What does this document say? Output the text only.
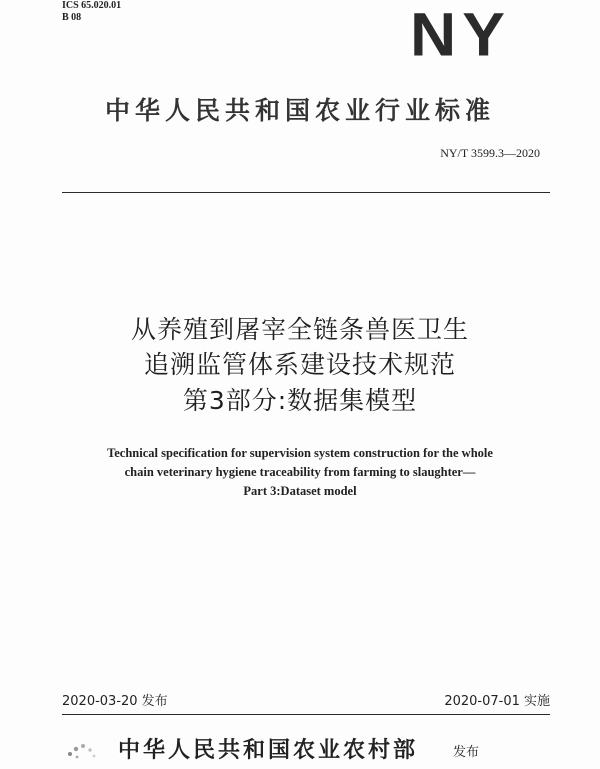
ICS 65.020.01
B 08	NY
中华人民共和国农业行业标准
NY/T 3599.3—2020
从养殖到屠宰全链条兽医卫生
追溯监管体系建设技术规范
第3部分:数据集模型
Technical specification for supervision system construction for the whole
chain veterinary hygiene traceability from farming to slaughter—
Part 3:Dataset model
2020-03-20 发布	2020-07-01 实施
中华人民共和国农业农村部	发布
